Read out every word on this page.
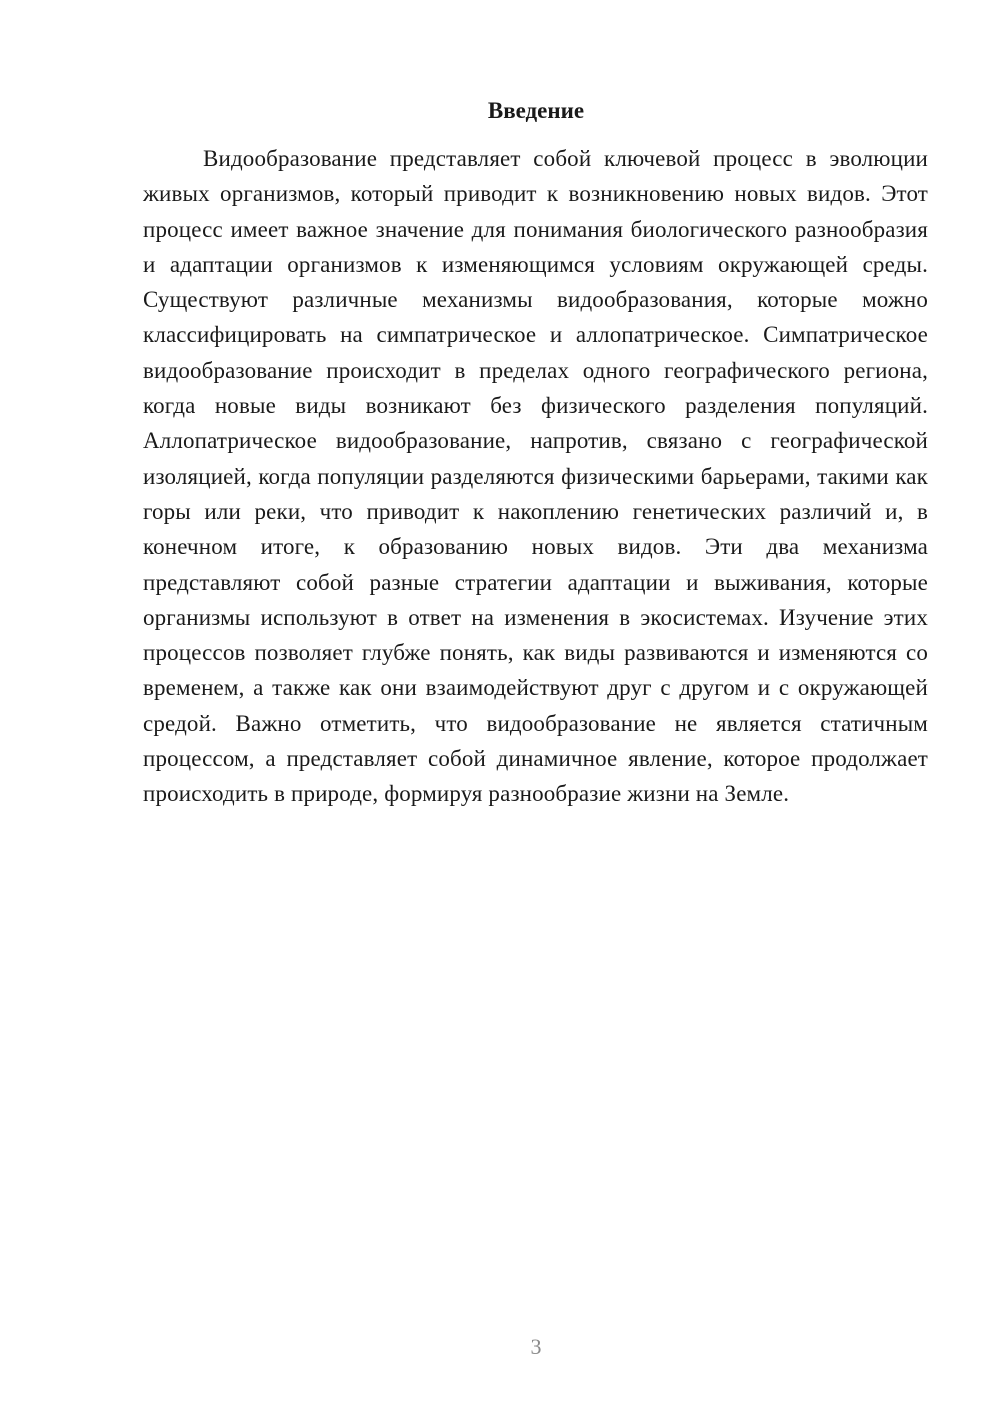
Введение

Видообразование представляет собой ключевой процесс в эволюции живых организмов, который приводит к возникновению новых видов. Этот процесс имеет важное значение для понимания биологического разнообразия и адаптации организмов к изменяющимся условиям окружающей среды. Существуют различные механизмы видообразования, которые можно классифицировать на симпатрическое и аллопатрическое. Симпатрическое видообразование происходит в пределах одного географического региона, когда новые виды возникают без физического разделения популяций. Аллопатрическое видообразование, напротив, связано с географической изоляцией, когда популяции разделяются физическими барьерами, такими как горы или реки, что приводит к накоплению генетических различий и, в конечном итоге, к образованию новых видов. Эти два механизма представляют собой разные стратегии адаптации и выживания, которые организмы используют в ответ на изменения в экосистемах. Изучение этих процессов позволяет глубже понять, как виды развиваются и изменяются со временем, а также как они взаимодействуют друг с другом и с окружающей средой. Важно отметить, что видообразование не является статичным процессом, а представляет собой динамичное явление, которое продолжает происходить в природе, формируя разнообразие жизни на Земле.

3
